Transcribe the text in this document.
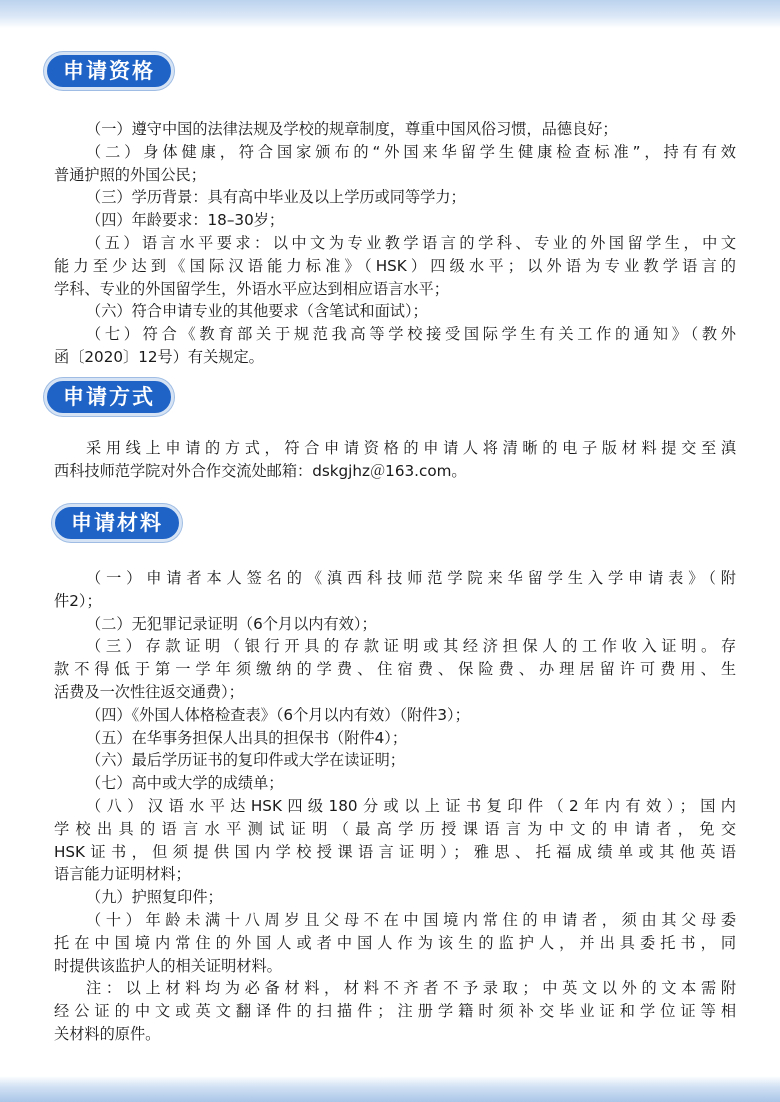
申请资格
（一）遵守中国的法律法规及学校的规章制度，尊重中国风俗习惯，品德良好；
（二）身体健康，符合国家颁布的“外国来华留学生健康检查标准”，持有有效
普通护照的外国公民；
（三）学历背景：具有高中毕业及以上学历或同等学力；
（四）年龄要求：18–30岁；
（五）语言水平要求：以中文为专业教学语言的学科、专业的外国留学生，中文
能力至少达到《国际汉语能力标准》（HSK）四级水平；以外语为专业教学语言的
学科、专业的外国留学生，外语水平应达到相应语言水平；
（六）符合申请专业的其他要求（含笔试和面试）；
（七）符合《教育部关于规范我高等学校接受国际学生有关工作的通知》（教外
函〔2020〕12号）有关规定。
申请方式
采用线上申请的方式，符合申请资格的申请人将清晰的电子版材料提交至滇
西科技师范学院对外合作交流处邮箱：dskgjhz＠163.com。
申请材料
（一）申请者本人签名的《滇西科技师范学院来华留学生入学申请表》（附
件2）；
（二）无犯罪记录证明（6个月以内有效）；
（三）存款证明（银行开具的存款证明或其经济担保人的工作收入证明。存
款不得低于第一学年须缴纳的学费、住宿费、保险费、办理居留许可费用、生
活费及一次性往返交通费）；
（四）《外国人体格检查表》（6个月以内有效）（附件3）；
（五）在华事务担保人出具的担保书（附件4）；
（六）最后学历证书的复印件或大学在读证明；
（七）高中或大学的成绩单；
（八）汉语水平达HSK四级180分或以上证书复印件（2年内有效）；国内
学校出具的语言水平测试证明（最高学历授课语言为中文的申请者，免交
HSK证书，但须提供国内学校授课语言证明）；雅思、托福成绩单或其他英语
语言能力证明材料；
（九）护照复印件；
（十）年龄未满十八周岁且父母不在中国境内常住的申请者，须由其父母委
托在中国境内常住的外国人或者中国人作为该生的监护人，并出具委托书，同
时提供该监护人的相关证明材料。
注：以上材料均为必备材料，材料不齐者不予录取；中英文以外的文本需附
经公证的中文或英文翻译件的扫描件；注册学籍时须补交毕业证和学位证等相
关材料的原件。
